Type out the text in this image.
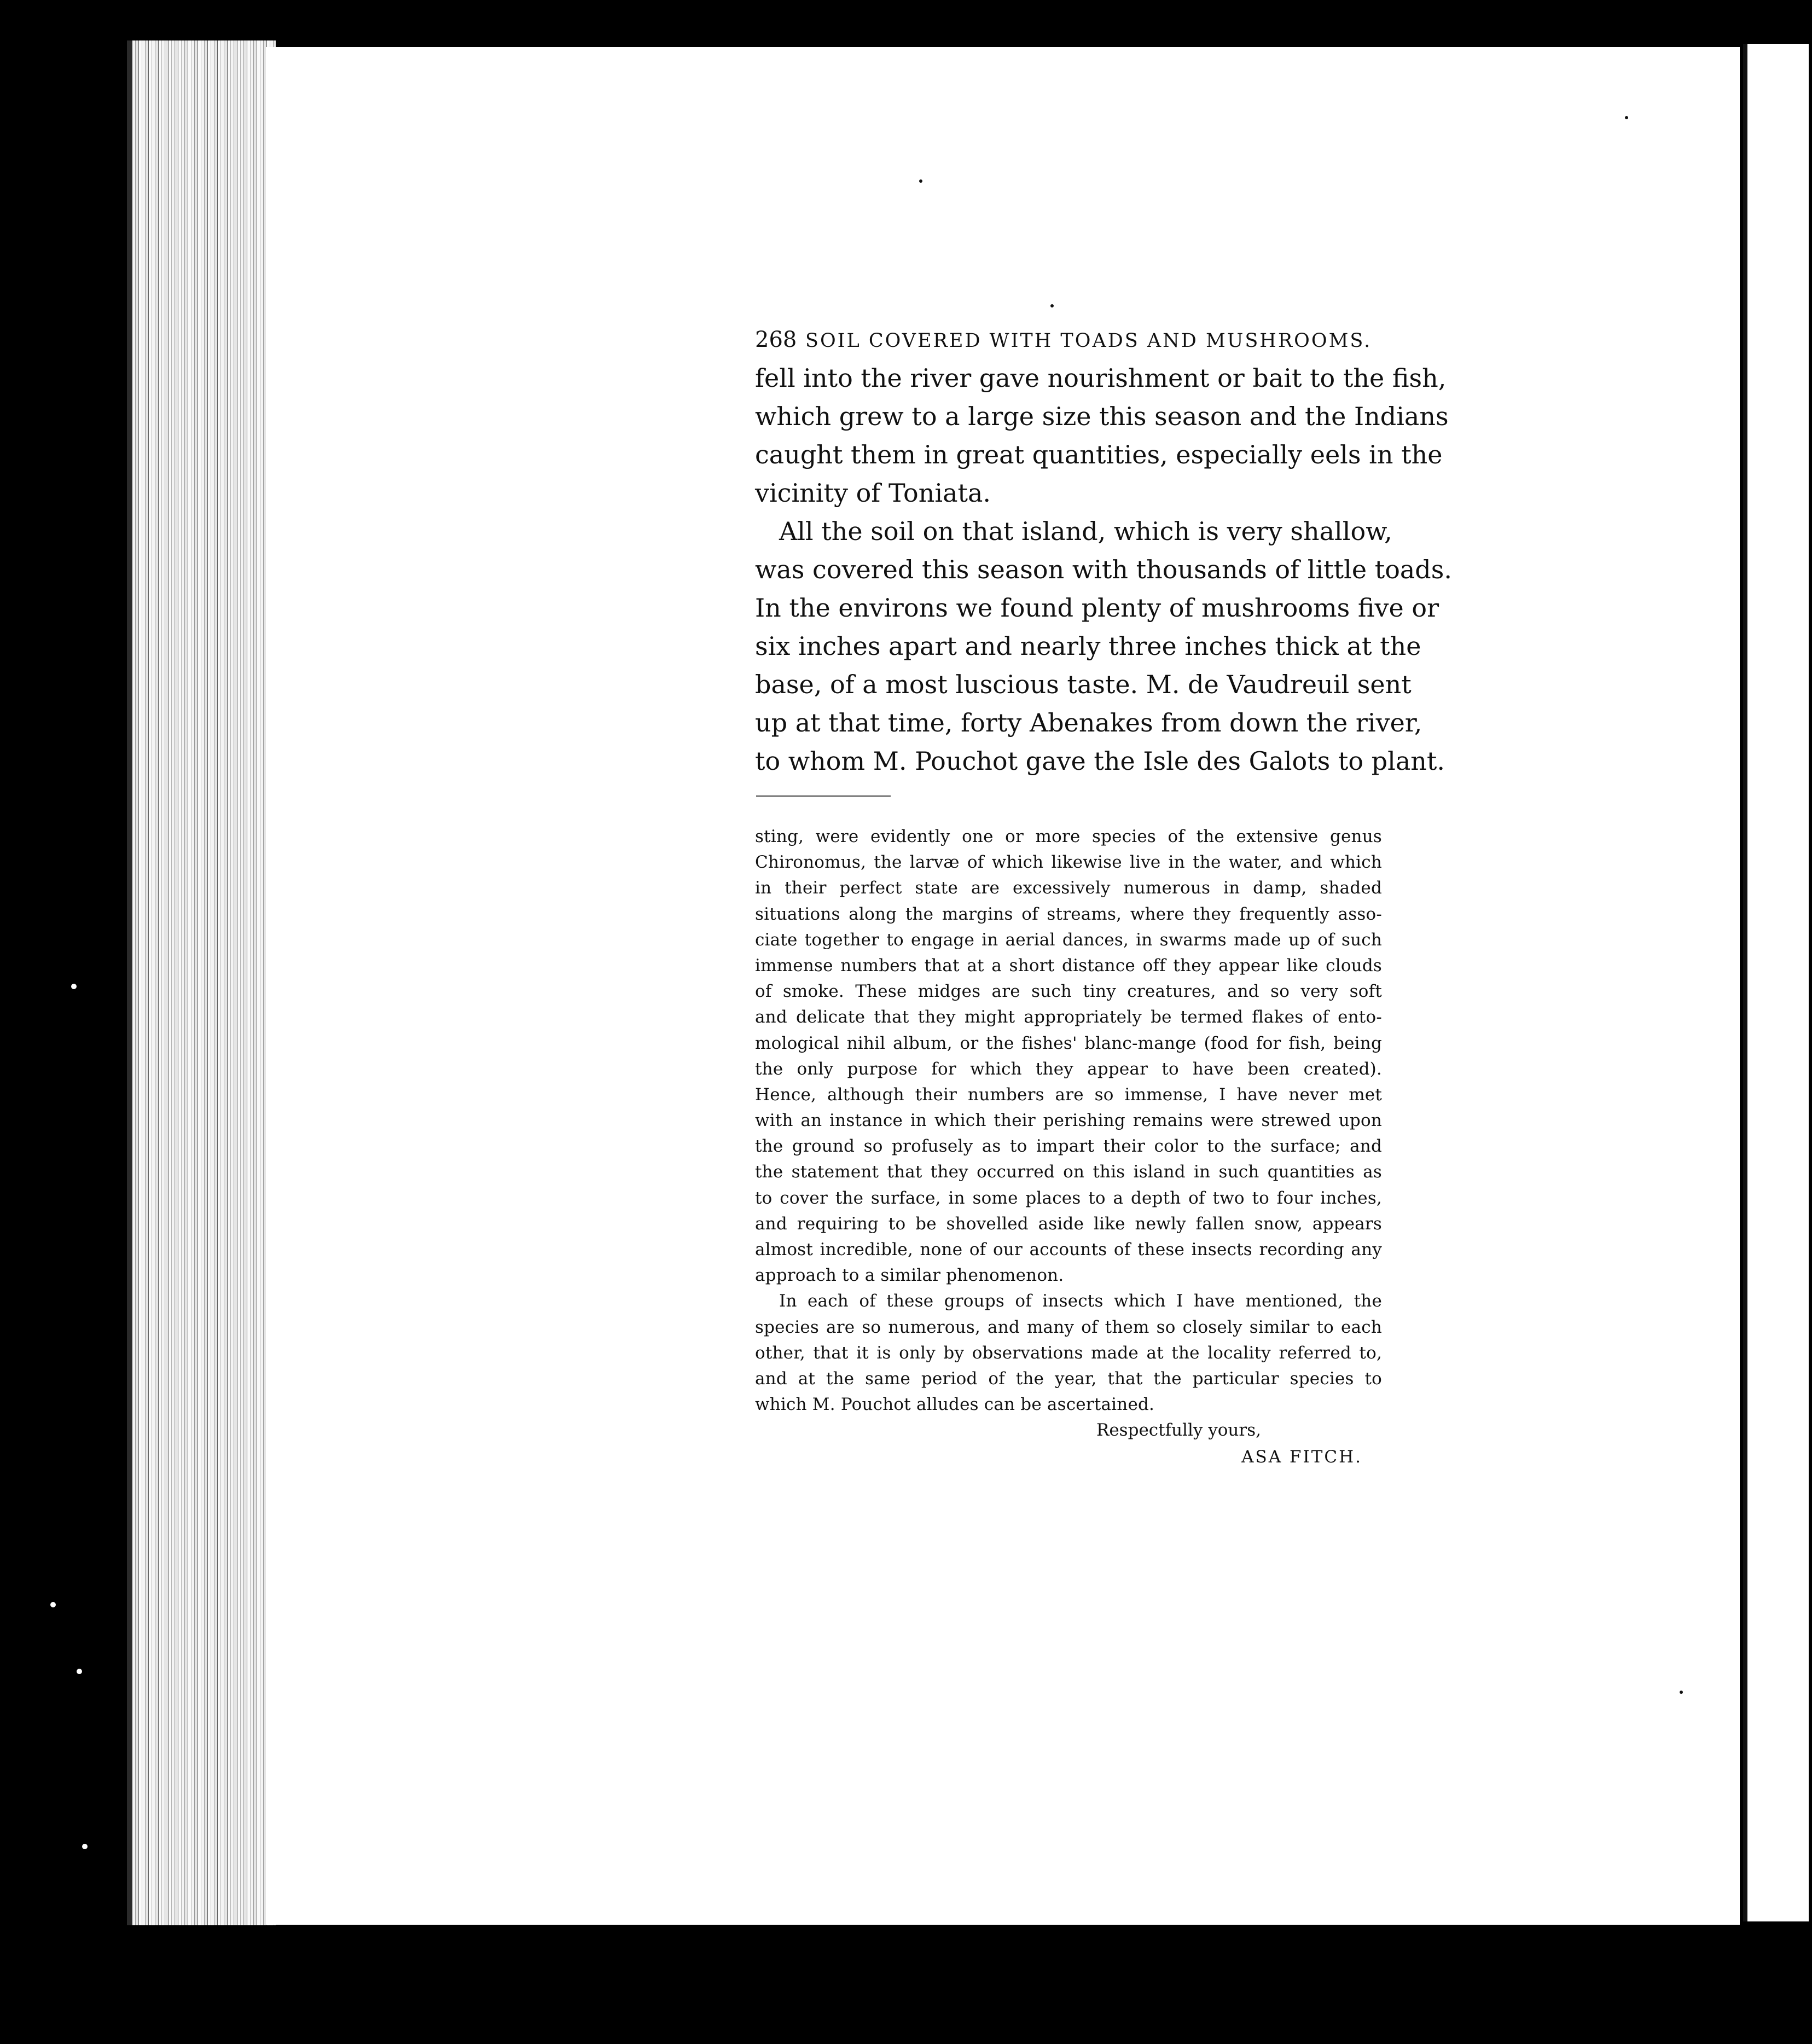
268 SOIL COVERED WITH TOADS AND MUSHROOMS.
fell into the river gave nourishment or bait to the fish,
which grew to a large size this season and the Indians
caught them in great quantities, especially eels in the
vicinity of Toniata.
All the soil on that island, which is very shallow,
was covered this season with thousands of little toads.
In the environs we found plenty of mushrooms five or
six inches apart and nearly three inches thick at the
base, of a most luscious taste. M. de Vaudreuil sent
up at that time, forty Abenakes from down the river,
to whom M. Pouchot gave the Isle des Galots to plant.
sting, were evidently one or more species of the extensive genus
Chironomus, the larvæ of which likewise live in the water, and which
in their perfect state are excessively numerous in damp, shaded
situations along the margins of streams, where they frequently asso-
ciate together to engage in aerial dances, in swarms made up of such
immense numbers that at a short distance off they appear like clouds
of smoke. These midges are such tiny creatures, and so very soft
and delicate that they might appropriately be termed flakes of ento-
mological nihil album, or the fishes' blanc-mange (food for fish, being
the only purpose for which they appear to have been created).
Hence, although their numbers are so immense, I have never met
with an instance in which their perishing remains were strewed upon
the ground so profusely as to impart their color to the surface; and
the statement that they occurred on this island in such quantities as
to cover the surface, in some places to a depth of two to four inches,
and requiring to be shovelled aside like newly fallen snow, appears
almost incredible, none of our accounts of these insects recording any
approach to a similar phenomenon.
In each of these groups of insects which I have mentioned, the
species are so numerous, and many of them so closely similar to each
other, that it is only by observations made at the locality referred to,
and at the same period of the year, that the particular species to
which M. Pouchot alludes can be ascertained.
Respectfully yours,
ASA FITCH.
